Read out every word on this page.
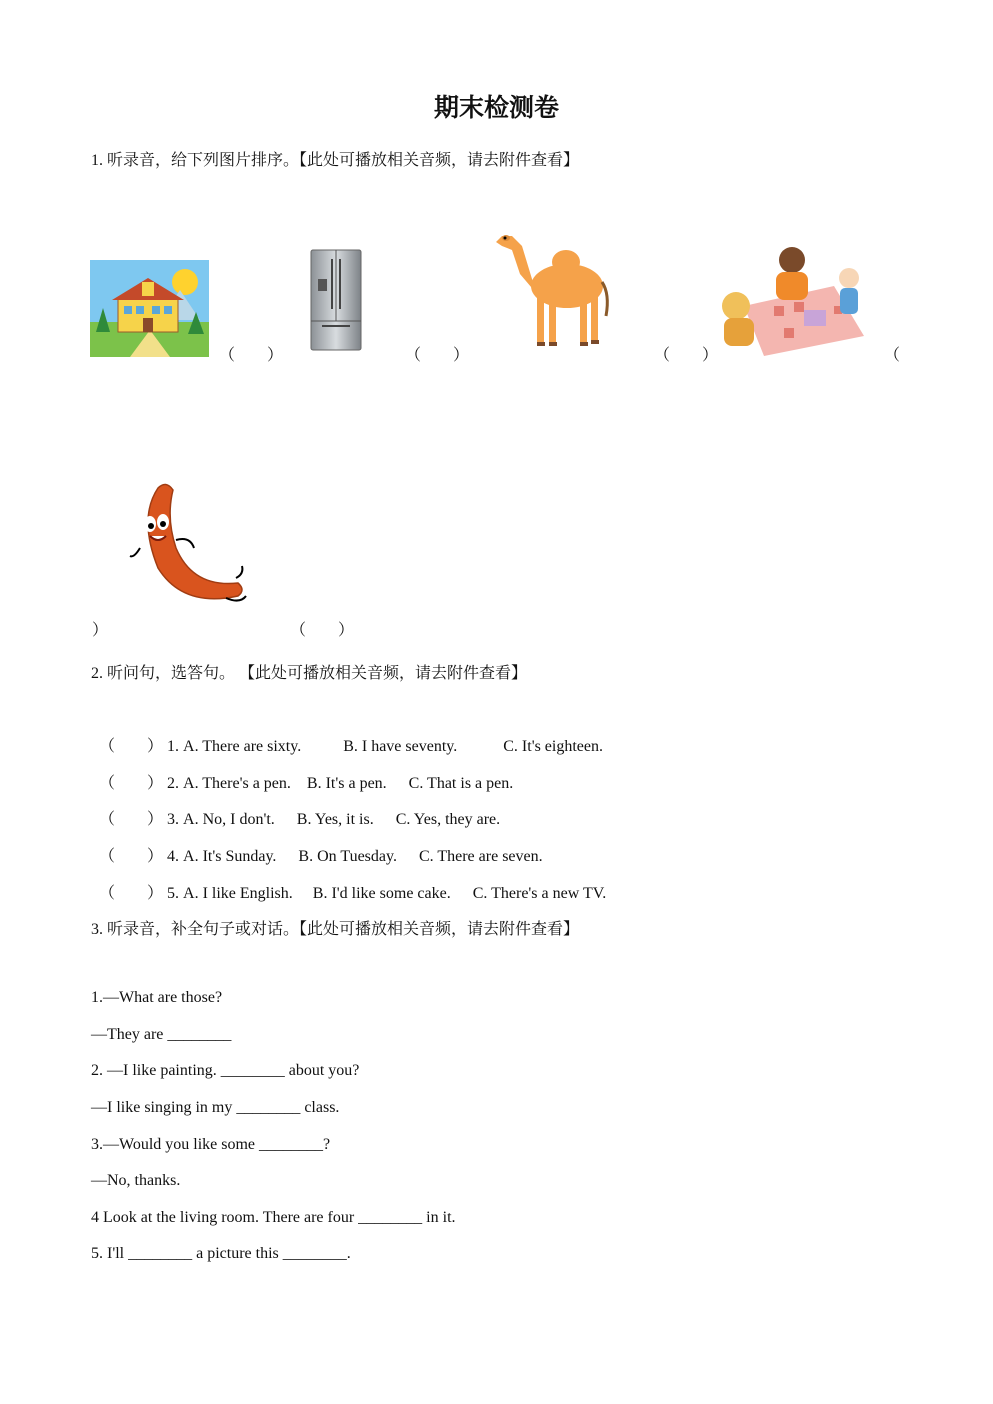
期末检测卷
1. 听录音，给下列图片排序。【此处可播放相关音频，请去附件查看】
（　　）	（　　）	（　　）	（
）	（　　）
2. 听问句，选答句。 【此处可播放相关音频，请去附件查看】
（　　） 1. A. There are sixty.	B. I have seventy.	C. It's eighteen.
（　　） 2. A. There's a pen. B. It's a pen. C. That is a pen.
（　　） 3. A. No, I don't. B. Yes, it is. C. Yes, they are.
（　　） 4. A. It's Sunday. B. On Tuesday. C. There are seven.
（　　） 5. A. I like English. B. I'd like some cake. C. There's a new TV.
3. 听录音，补全句子或对话。【此处可播放相关音频，请去附件查看】
1.—What are those?
—They are ________
2. —I like painting. ________ about you?
—I like singing in my ________ class.
3.—Would you like some ________?
—No, thanks.
4 Look at the living room. There are four ________ in it.
5. I'll ________ a picture this ________.
